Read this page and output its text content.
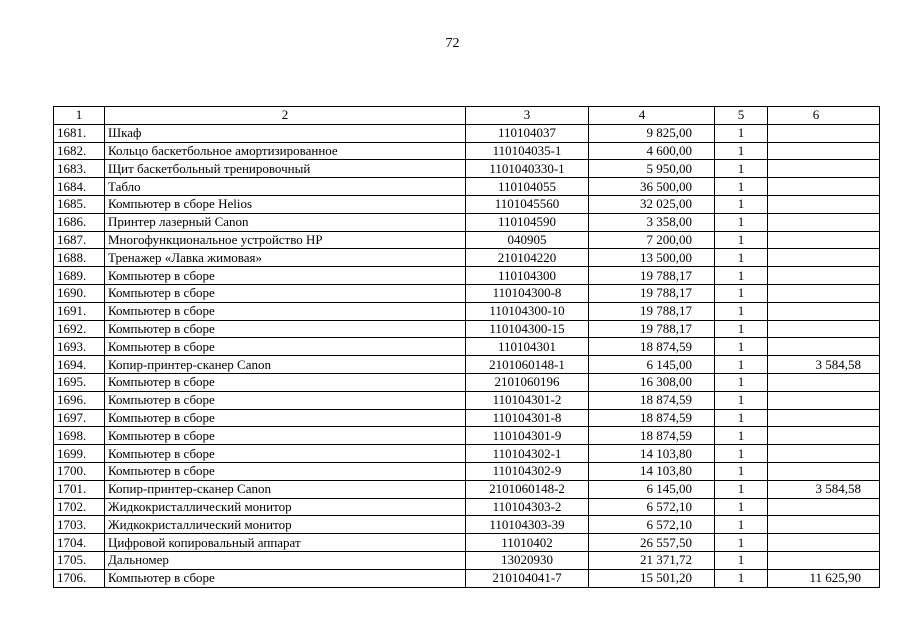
72
1	2	3	4	5	6
1681.	Шкаф	110104037	9 825,00	1	
1682.	Кольцо баскетбольное амортизированное	110104035-1	4 600,00	1	
1683.	Щит баскетбольный тренировочный	1101040330-1	5 950,00	1	
1684.	Табло	110104055	36 500,00	1	
1685.	Компьютер в сборе Helios	1101045560	32 025,00	1	
1686.	Принтер лазерный Canon	110104590	3 358,00	1	
1687.	Многофункциональное устройство HP	040905	7 200,00	1	
1688.	Тренажер «Лавка жимовая»	210104220	13 500,00	1	
1689.	Компьютер в сборе	110104300	19 788,17	1	
1690.	Компьютер в сборе	110104300-8	19 788,17	1	
1691.	Компьютер в сборе	110104300-10	19 788,17	1	
1692.	Компьютер в сборе	110104300-15	19 788,17	1	
1693.	Компьютер в сборе	110104301	18 874,59	1	
1694.	Копир-принтер-сканер Canon	2101060148-1	6 145,00	1	3 584,58
1695.	Компьютер в сборе	2101060196	16 308,00	1	
1696.	Компьютер в сборе	110104301-2	18 874,59	1	
1697.	Компьютер в сборе	110104301-8	18 874,59	1	
1698.	Компьютер в сборе	110104301-9	18 874,59	1	
1699.	Компьютер в сборе	110104302-1	14 103,80	1	
1700.	Компьютер в сборе	110104302-9	14 103,80	1	
1701.	Копир-принтер-сканер Canon	2101060148-2	6 145,00	1	3 584,58
1702.	Жидкокристаллический монитор	110104303-2	6 572,10	1	
1703.	Жидкокристаллический монитор	110104303-39	6 572,10	1	
1704.	Цифровой копировальный аппарат	11010402	26 557,50	1	
1705.	Дальномер	13020930	21 371,72	1	
1706.	Компьютер в сборе	210104041-7	15 501,20	1	11 625,90
